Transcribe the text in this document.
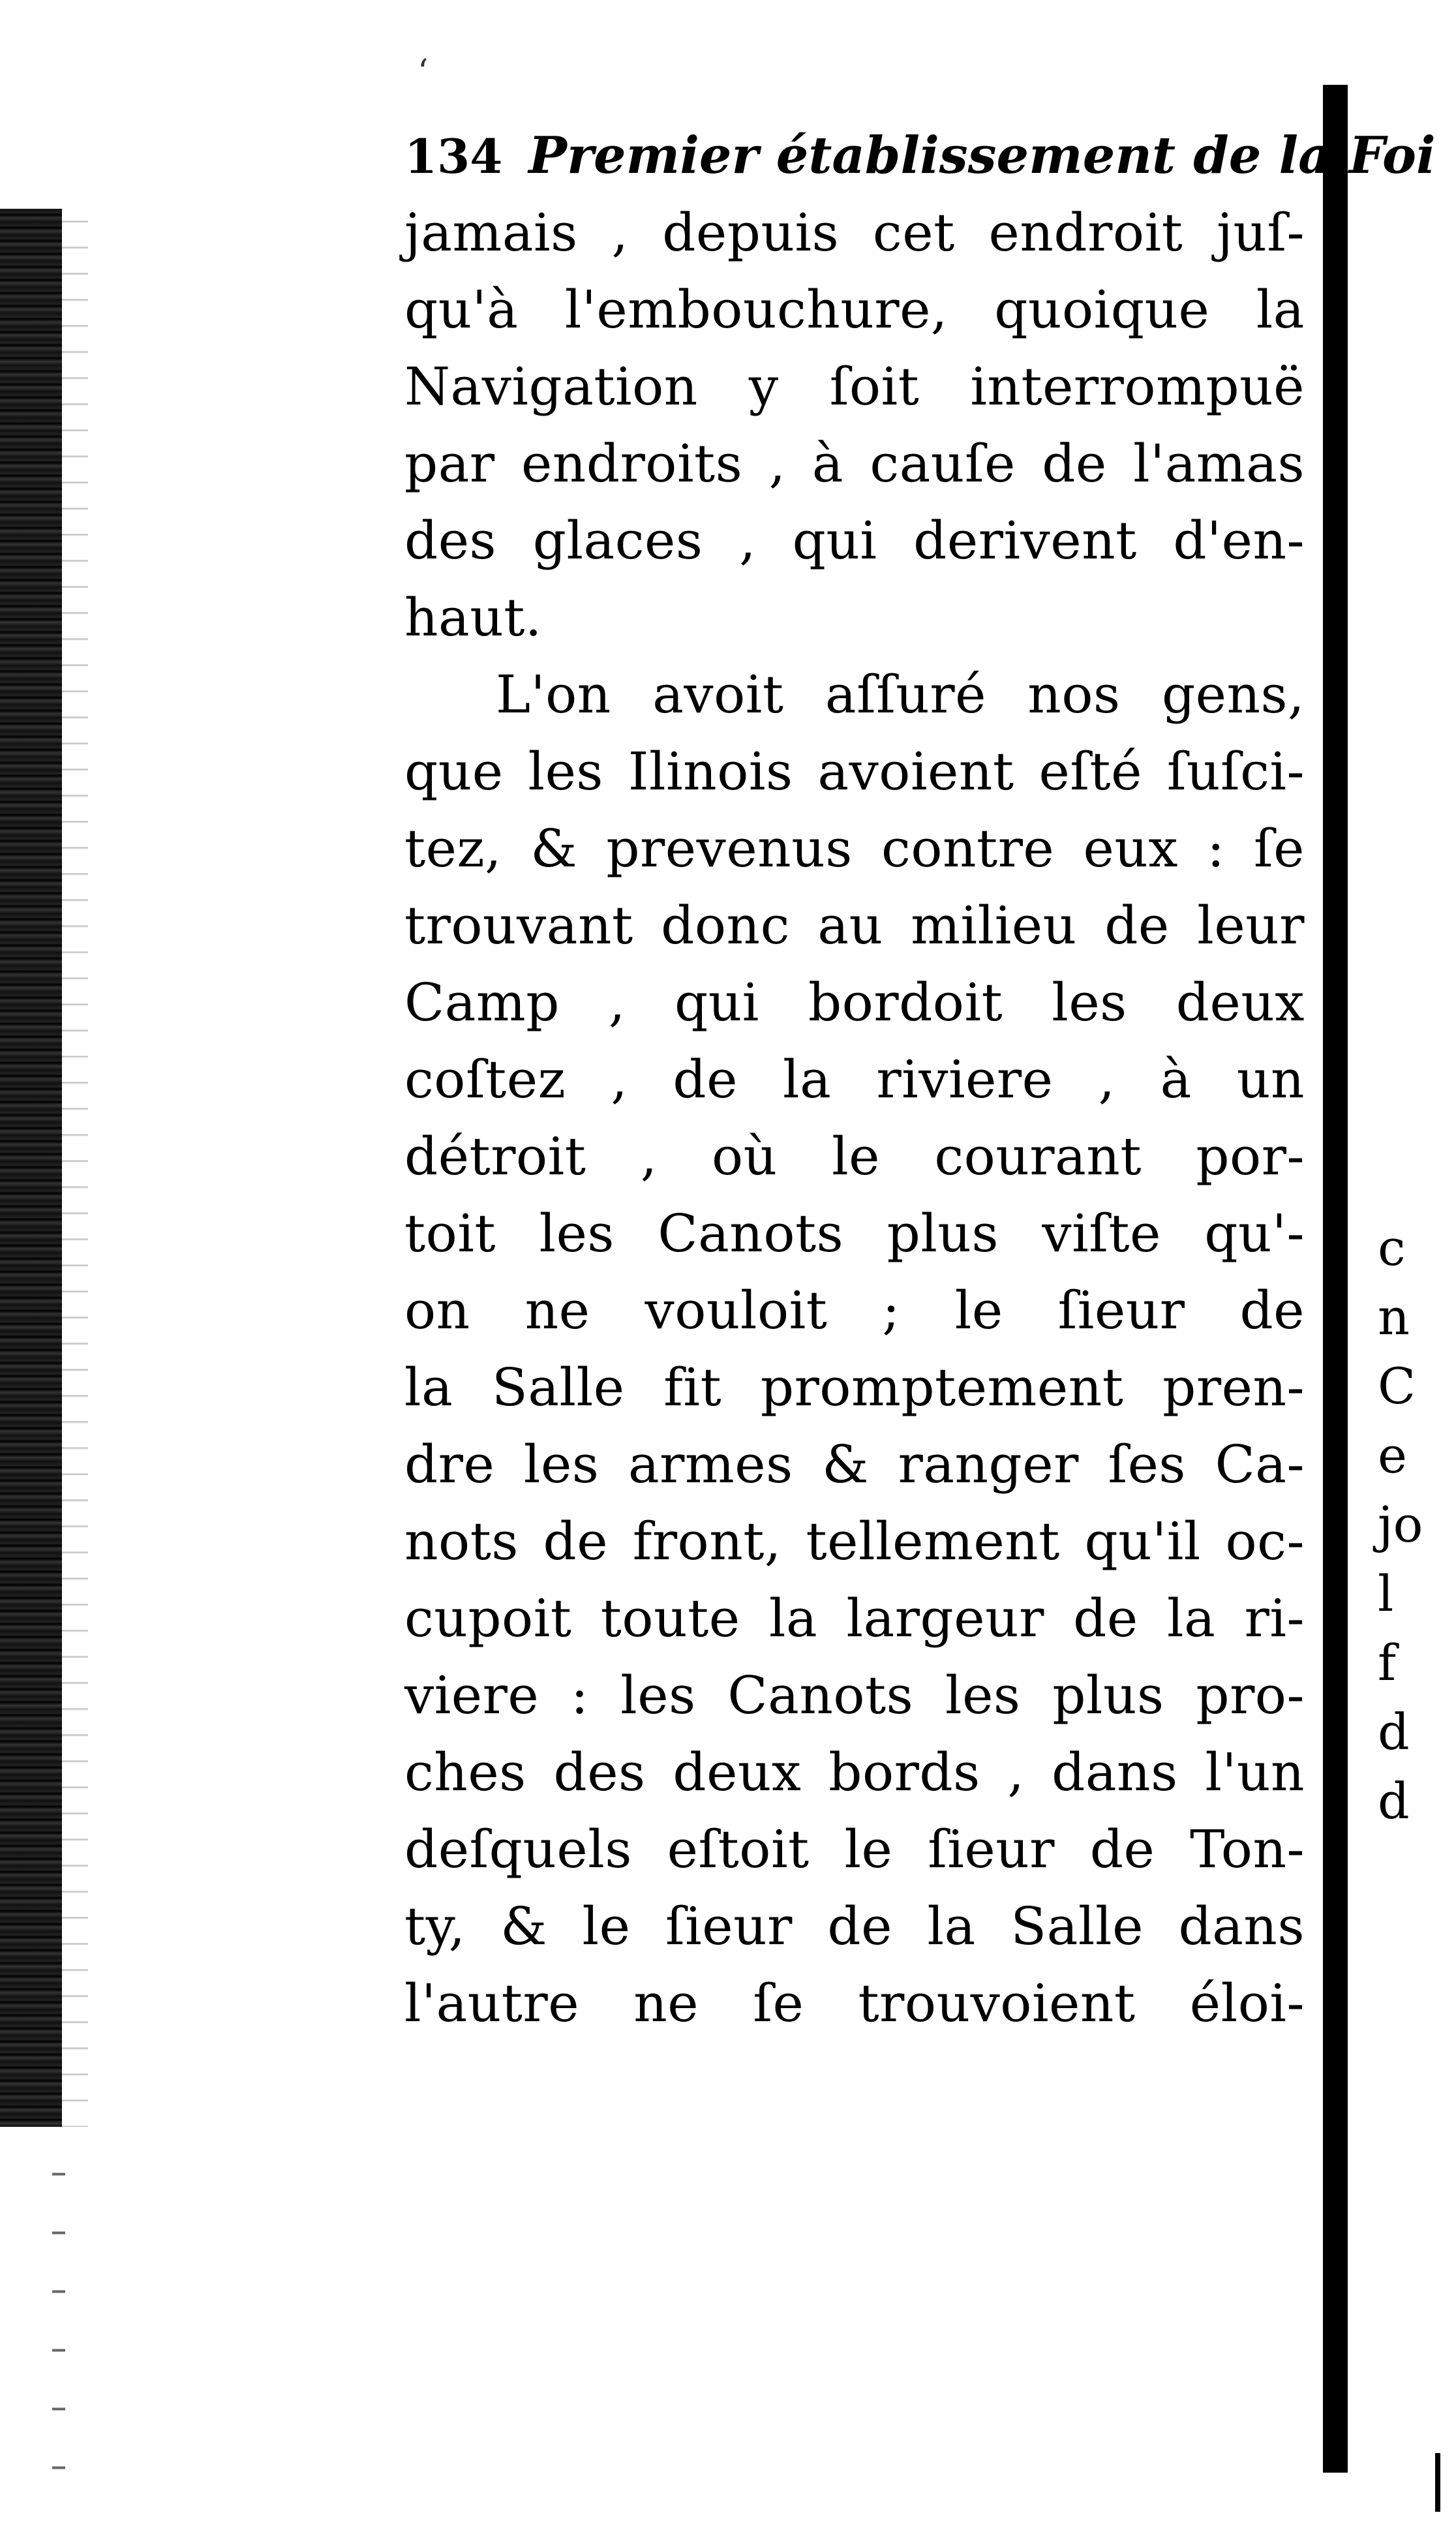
‘
134 Premier établissement de la Foi
jamais , depuis cet endroit juſ-
qu'à l'embouchure, quoique la
Navigation y ſoit interrompuë
par endroits , à cauſe de l'amas
des glaces , qui derivent d'en-
haut.
L'on avoit aſſuré nos gens,
que les Ilinois avoient eſté ſuſci-
tez, & prevenus contre eux : ſe
trouvant donc au milieu de leur
Camp , qui bordoit les deux
coſtez , de la riviere , à un
détroit , où le courant por-
toit les Canots plus viſte qu'-
on ne vouloit ; le ſieur de
la Salle fit promptement pren-
dre les armes & ranger ſes Ca-
nots de front, tellement qu'il oc-
cupoit toute la largeur de la ri-
viere : les Canots les plus pro-
ches des deux bords , dans l'un
deſquels eſtoit le ſieur de Ton-
ty, & le ſieur de la Salle dans
l'autre ne ſe trouvoient éloi-
c
n
C
e
jo
l
f
d
d
